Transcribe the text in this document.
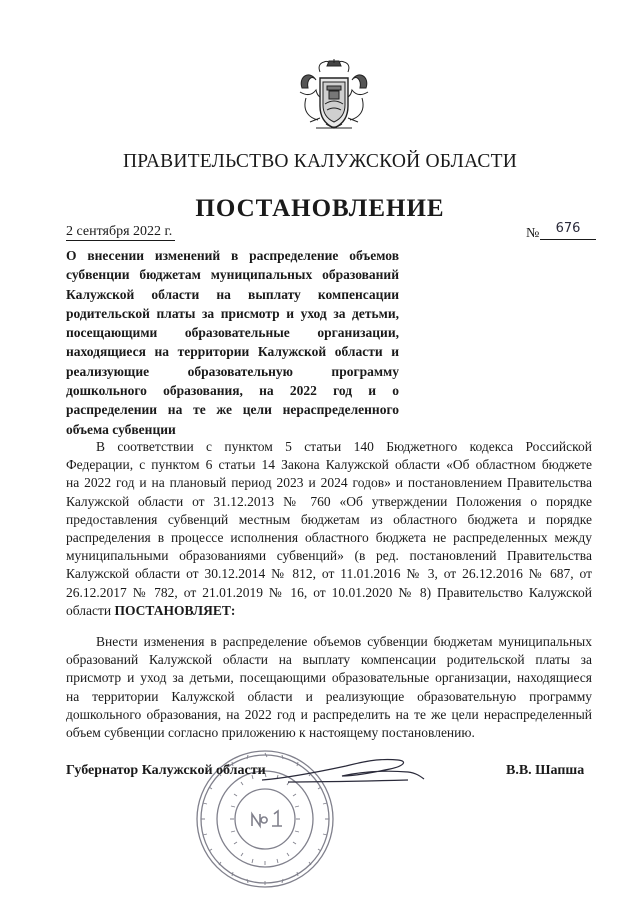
ПРАВИТЕЛЬСТВО КАЛУЖСКОЙ ОБЛАСТИ
ПОСТАНОВЛЕНИЕ
2 сентября 2022 г.	№	676
О внесении изменений в распределение объемов
субвенции бюджетам муниципальных образований
Калужской области на выплату компенсации
родительской платы за присмотр и уход за детьми,
посещающими образовательные организации,
находящиеся на территории Калужской области и
реализующие образовательную программу
дошкольного образования, на 2022 год и о
распределении на те же цели нераспределенного
объема субвенции
В соответствии с пунктом 5 статьи 140 Бюджетного кодекса Российской
Федерации, с пунктом 6 статьи 14 Закона Калужской области «Об областном бюджете
на 2022 год и на плановый период 2023 и 2024 годов» и постановлением Правительства
Калужской области от 31.12.2013 № 760 «Об утверждении Положения о порядке
предоставления субвенций местным бюджетам из областного бюджета и порядке
распределения в процессе исполнения областного бюджета не распределенных между
муниципальными образованиями субвенций» (в ред. постановлений Правительства
Калужской области от 30.12.2014 № 812, от 11.01.2016 № 3, от 26.12.2016 № 687, от
26.12.2017 № 782, от 21.01.2019 № 16, от 10.01.2020 № 8) Правительство Калужской
области ПОСТАНОВЛЯЕТ:
Внести изменения в распределение объемов субвенции бюджетам муниципальных
образований Калужской области на выплату компенсации родительской платы за
присмотр и уход за детьми, посещающими образовательные организации, находящиеся
на территории Калужской области и реализующие образовательную программу
дошкольного образования, на 2022 год и распределить на те же цели нераспределенный
объем субвенции согласно приложению к настоящему постановлению.
Губернатор Калужской области	В.В. Шапша
